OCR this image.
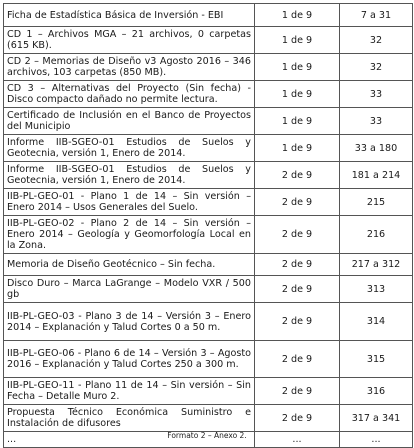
Ficha de Estadística Básica de Inversión - EBI	1 de 9	7 a 31
CD 1 – Archivos MGA – 21 archivos, 0 carpetas (615 KB).	1 de 9	32
CD 2 – Memorias de Diseño v3 Agosto 2016 – 346 archivos, 103 carpetas (850 MB).	1 de 9	32
CD 3 – Alternativas del Proyecto (Sin fecha) - Disco compacto dañado no permite lectura.	1 de 9	33
Certificado de Inclusión en el Banco de Proyectos del Municipio	1 de 9	33
Informe IIB-SGEO-01 Estudios de Suelos y Geotecnia, versión 1, Enero de 2014.	1 de 9	33 a 180
Informe IIB-SGEO-01 Estudios de Suelos y Geotecnia, versión 1, Enero de 2014.	2 de 9	181 a 214
IIB-PL-GEO-01 - Plano 1 de 14 – Sin versión – Enero 2014 – Usos Generales del Suelo.	2 de 9	215
IIB-PL-GEO-02 - Plano 2 de 14 – Sin versión – Enero 2014 – Geología y Geomorfología Local en la Zona.	2 de 9	216
Memoria de Diseño Geotécnico – Sin fecha.	2 de 9	217 a 312
Disco Duro – Marca LaGrange – Modelo VXR / 500 gb	2 de 9	313
IIB-PL-GEO-03 - Plano 3 de 14 – Versión 3 – Enero 2014 – Explanación y Talud Cortes 0 a 50 m.	2 de 9	314
IIB-PL-GEO-06 - Plano 6 de 14 – Versión 3 – Agosto 2016 – Explanación y Talud Cortes 250 a 300 m.	2 de 9	315
IIB-PL-GEO-11 - Plano 11 de 14 – Sin versión – Sin Fecha – Detalle Muro 2.	2 de 9	316
Propuesta Técnico Económica Suministro e Instalación de difusores	2 de 9	317 a 341
...	...	...
Formato 2 – Anexo 2.
